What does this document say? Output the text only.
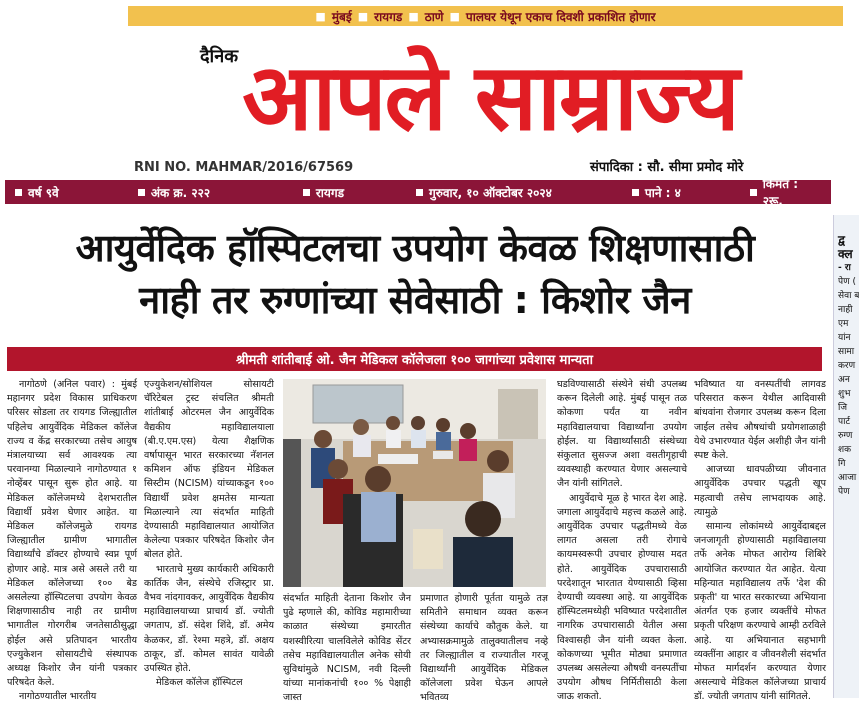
■ मुंबई ■ रायगड ■ ठाणे ■ पालघर येथून एकाच दिवशी प्रकाशित होणार
आपले साम्राज्य
दैनिक
RNI NO. MAHMAR/2016/67569	संपादिका : सौ. सीमा प्रमोद मोरे
वर्ष ९वे	अंक क्र. २२२	रायगड	गुरुवार, १० ऑक्टोबर २०२४	पाने : ४
किंमत : २रू.
आयुर्वेदिक हॉस्पिटलचा उपयोग केवळ शिक्षणासाठी
नाही तर रुग्णांच्या सेवेसाठी : किशोर जैन
श्रीमती शांतीबाई ओ. जैन मेडिकल कॉलेजला १०० जागांच्या प्रवेशास मान्यता

नागोठणे (अनिल पवार) : मुंबई महानगर प्रदेश विकास प्राधिकरण परिसर सोडला तर रायगड जिल्ह्यातील पहिलेच आयुर्वेदिक मेडिकल कॉलेज राज्य व केंद्र सरकारच्या तसेच आयुष मंत्रालयाच्या सर्व आवश्यक त्या परवानग्या मिळाल्याने नागोठण्यात १ नोव्हेंबर पासून सुरू होत आहे. या मेडिकल कॉलेजमध्ये देशभरातील विद्यार्थी प्रवेश घेणार आहेत. या मेडिकल कॉलेजमुळे रायगड जिल्ह्यातील ग्रामीण भागातील विद्यार्थ्यांचे डॉक्टर होण्याचे स्वप्न पूर्ण होणार आहे. मात्र असे असले तरी या मेडिकल कॉलेजच्या १०० बेड असलेल्या हॉस्पिटलचा उपयोग केवळ शिक्षणासाठीच नाही तर ग्रामीण भागातील गोरगरीब जनतेसाठीसुद्धा होईल असे प्रतिपादन भारतीय एज्युकेशन सोसायटीचे संस्थापक अध्यक्ष किशोर जैन यांनी पत्रकार परिषदेत केले.

नागोठण्यातील भारतीय

एज्युकेशन/सोशियल सोसायटी चॅरिटेबल ट्रस्ट संचलित श्रीमती शांतीबाई ओटरमल जैन आयुर्वेदिक वैद्यकीय महाविद्यालयाला (बी.ए.एम.एस) येत्या शैक्षणिक वर्षापासून भारत सरकारच्या नॅशनल कमिशन ऑफ इंडियन मेडिकल सिस्टीम (NCISM) यांच्याकडून १०० विद्यार्थी प्रवेश क्षमतेस मान्यता मिळाल्याने त्या संदर्भात माहिती देण्यासाठी महाविद्यालयात आयोजित केलेल्या पत्रकार परिषदेत किशोर जैन बोलत होते.

भारताचे मुख्य कार्यकारी अधिकारी कार्तिक जैन, संस्थेचे रजिस्ट्रार प्रा. वैभव नांदगावकर, आयुर्वेदिक वैद्यकीय महाविद्यालयाच्या प्राचार्य डॉ. ज्योती जगताप, डॉ. संदेश शिंदे, डॉ. अमेय केळकर, डॉ. रेश्मा महत्रे, डॉ. अक्षय ठाकूर, डॉ. कोमल सावंत यावेळी उपस्थित होते.

मेडिकल कॉलेज हॉस्पिटल

संदर्भात माहिती देताना किशोर जैन पुढे म्हणाले की, कोविड महामारीच्या काळात संस्थेच्या इमारतीत यशस्वीरित्या चालविलेले कोविड सेंटर तसेच महाविद्यालयातील अनेक सोयी सुविधांमुळे NCISM, नवी दिल्ली यांच्या मानांकनांची १०० % पेक्षाही जास्त
प्रमाणात होणारी पूर्तता यामुळे तज्ञ समितीने समाधान व्यक्त करून संस्थेच्या कार्याचे कौतुक केले. या अभ्यासक्रमामुळे तालुक्यातीलच नव्हे तर जिल्ह्यातील व राज्यातील गरजू विद्यार्थ्यांनी आयुर्वेदिक मेडिकल कॉलेजला प्रवेश घेऊन आपले भवितव्य

घडविण्यासाठी संस्थेने संधी उपलब्ध करून दिलेली आहे. मुंबई पासून तळ कोकणा पर्यंत या नवीन महाविद्यालयाचा विद्यार्थ्यांना उपयोग होईल. या विद्यार्थ्यांसाठी संस्थेच्या संकुलात सुसज्ज अशा वसतीगृहाची व्यवस्थाही करण्यात येणार असल्याचे जैन यांनी सांगितले.

आयुर्वेदाचे मूळ हे भारत देश आहे. जगाला आयुर्वेदाचे महत्त्व कळले आहे. आयुर्वेदिक उपचार पद्धतीमध्ये वेळ लागत असला तरी रोगाचे कायमस्वरूपी उपचार होण्यास मदत होते. आयुर्वेदिक उपचारासाठी परदेशातून भारतात येण्यासाठी व्हिसा देण्याची व्यवस्था आहे. या आयुर्वेदिक हॉस्पिटलमध्येही भविष्यात परदेशातील नागरिक उपचारासाठी येतील असा विश्वासही जैन यांनी व्यक्त केला. कोकणच्या भूमीत मोठ्या प्रमाणात उपलब्ध असलेल्या औषधी वनस्पतींचा उपयोग औषध निर्मितीसाठी केला जाऊ शकतो.

भविष्यात या वनस्पतींची लागवड परिसरात करून येथील आदिवासी बांधवांना रोजगार उपलब्ध करून दिला जाईल तसेच औषधांची प्रयोगशाळाही येथे उभारण्यात येईल अशीही जैन यांनी स्पष्ट केले.

आजच्या धावपळीच्या जीवनात आयुर्वेदिक उपचार पद्धती खूप महत्वाची तसेच लाभदायक आहे. त्यामुळे

सामान्य लोकांमध्ये आयुर्वेदाबद्दल जनजागृती होण्यासाठी महाविद्यालया तर्फे अनेक मोफत आरोग्य शिबिरे आयोजित करण्यात येत आहेत. येत्या महिन्यात महाविद्यालय तर्फे 'देश की प्रकृती' या भारत सरकारच्या अभियाना अंतर्गत एक हजार व्यक्तींचे मोफत प्रकृती परिक्षण करण्याचे आम्ही ठरविले आहे. या अभियानात सहभागी व्यक्तींना आहार व जीवनशैली संदर्भात मोफत मार्गदर्शन करण्यात येणार असल्याचे मेडिकल कॉलेजच्या प्राचार्य डॉ. ज्योती जगताप यांनी सांगितले.

द्व
क्ल
- रा
पेण (
सेवा ब
नाही
एम
यांन
सामा
करण
अन
शुभ
जि
पार्ट
रुग्ण
शक
गि
आजा
पेण
